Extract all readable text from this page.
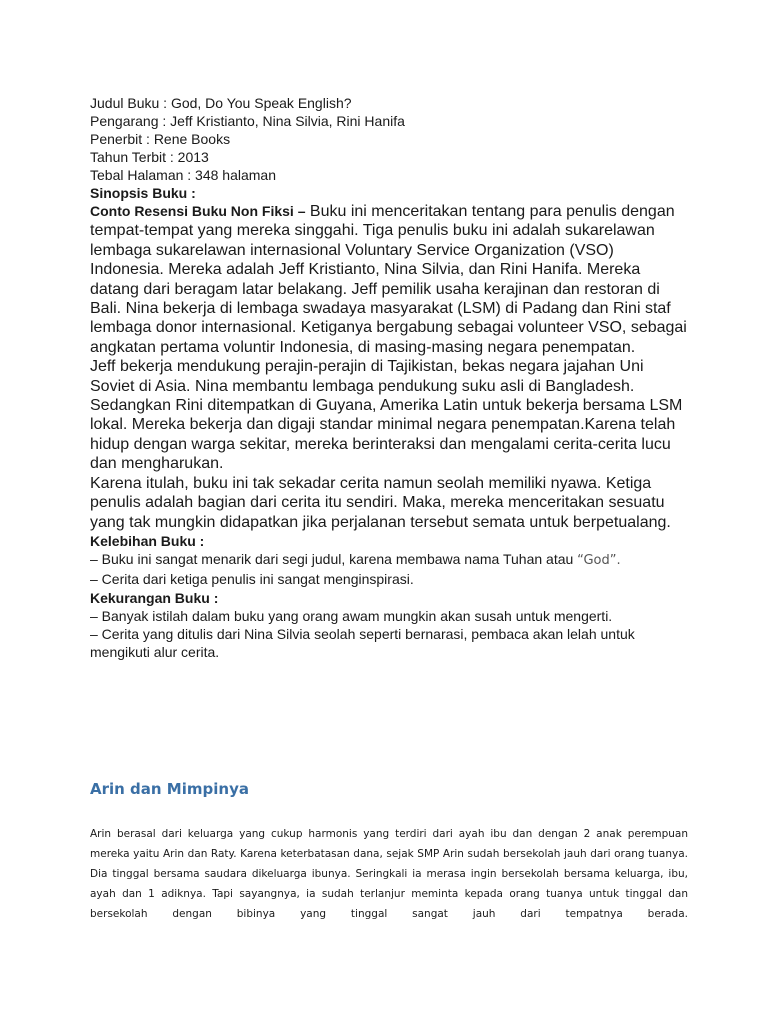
Judul Buku : God, Do You Speak English?

Pengarang : Jeff Kristianto, Nina Silvia, Rini Hanifa

Penerbit : Rene Books

Tahun Terbit : 2013

Tebal Halaman : 348 halaman

Sinopsis Buku :

Conto Resensi Buku Non Fiksi – Buku ini menceritakan tentang para penulis dengan tempat-tempat yang mereka singgahi. Tiga penulis buku ini adalah sukarelawan lembaga sukarelawan internasional Voluntary Service Organization (VSO) Indonesia. Mereka adalah Jeff Kristianto, Nina Silvia, dan Rini Hanifa. Mereka datang dari beragam latar belakang. Jeff pemilik usaha kerajinan dan restoran di Bali. Nina bekerja di lembaga swadaya masyarakat (LSM) di Padang dan Rini staf lembaga donor internasional. Ketiganya bergabung sebagai volunteer VSO, sebagai angkatan pertama voluntir Indonesia, di masing-masing negara penempatan.

Jeff bekerja mendukung perajin-perajin di Tajikistan, bekas negara jajahan Uni Soviet di Asia. Nina membantu lembaga pendukung suku asli di Bangladesh. Sedangkan Rini ditempatkan di Guyana, Amerika Latin untuk bekerja bersama LSM lokal. Mereka bekerja dan digaji standar minimal negara penempatan.Karena telah hidup dengan warga sekitar, mereka berinteraksi dan mengalami cerita-cerita lucu dan mengharukan.

Karena itulah, buku ini tak sekadar cerita namun seolah memiliki nyawa. Ketiga penulis adalah bagian dari cerita itu sendiri. Maka, mereka menceritakan sesuatu yang tak mungkin didapatkan jika perjalanan tersebut semata untuk berpetualang.

Kelebihan Buku :

– Buku ini sangat menarik dari segi judul, karena membawa nama Tuhan atau “God”.
– Cerita dari ketiga penulis ini sangat menginspirasi.

Kekurangan Buku :

– Banyak istilah dalam buku yang orang awam mungkin akan susah untuk mengerti.
– Cerita yang ditulis dari Nina Silvia seolah seperti bernarasi, pembaca akan lelah untuk mengikuti alur cerita.
Arin dan Mimpinya

Arin berasal dari keluarga yang cukup harmonis yang terdiri dari ayah ibu dan dengan 2 anak perempuan mereka yaitu Arin dan Raty. Karena keterbatasan dana, sejak SMP Arin sudah bersekolah jauh dari orang tuanya. Dia tinggal bersama saudara dikeluarga ibunya. Seringkali ia merasa ingin bersekolah bersama keluarga, ibu, ayah dan 1 adiknya. Tapi sayangnya, ia sudah terlanjur meminta kepada orang tuanya untuk tinggal dan bersekolah dengan bibinya yang tinggal sangat jauh dari tempatnya berada.
